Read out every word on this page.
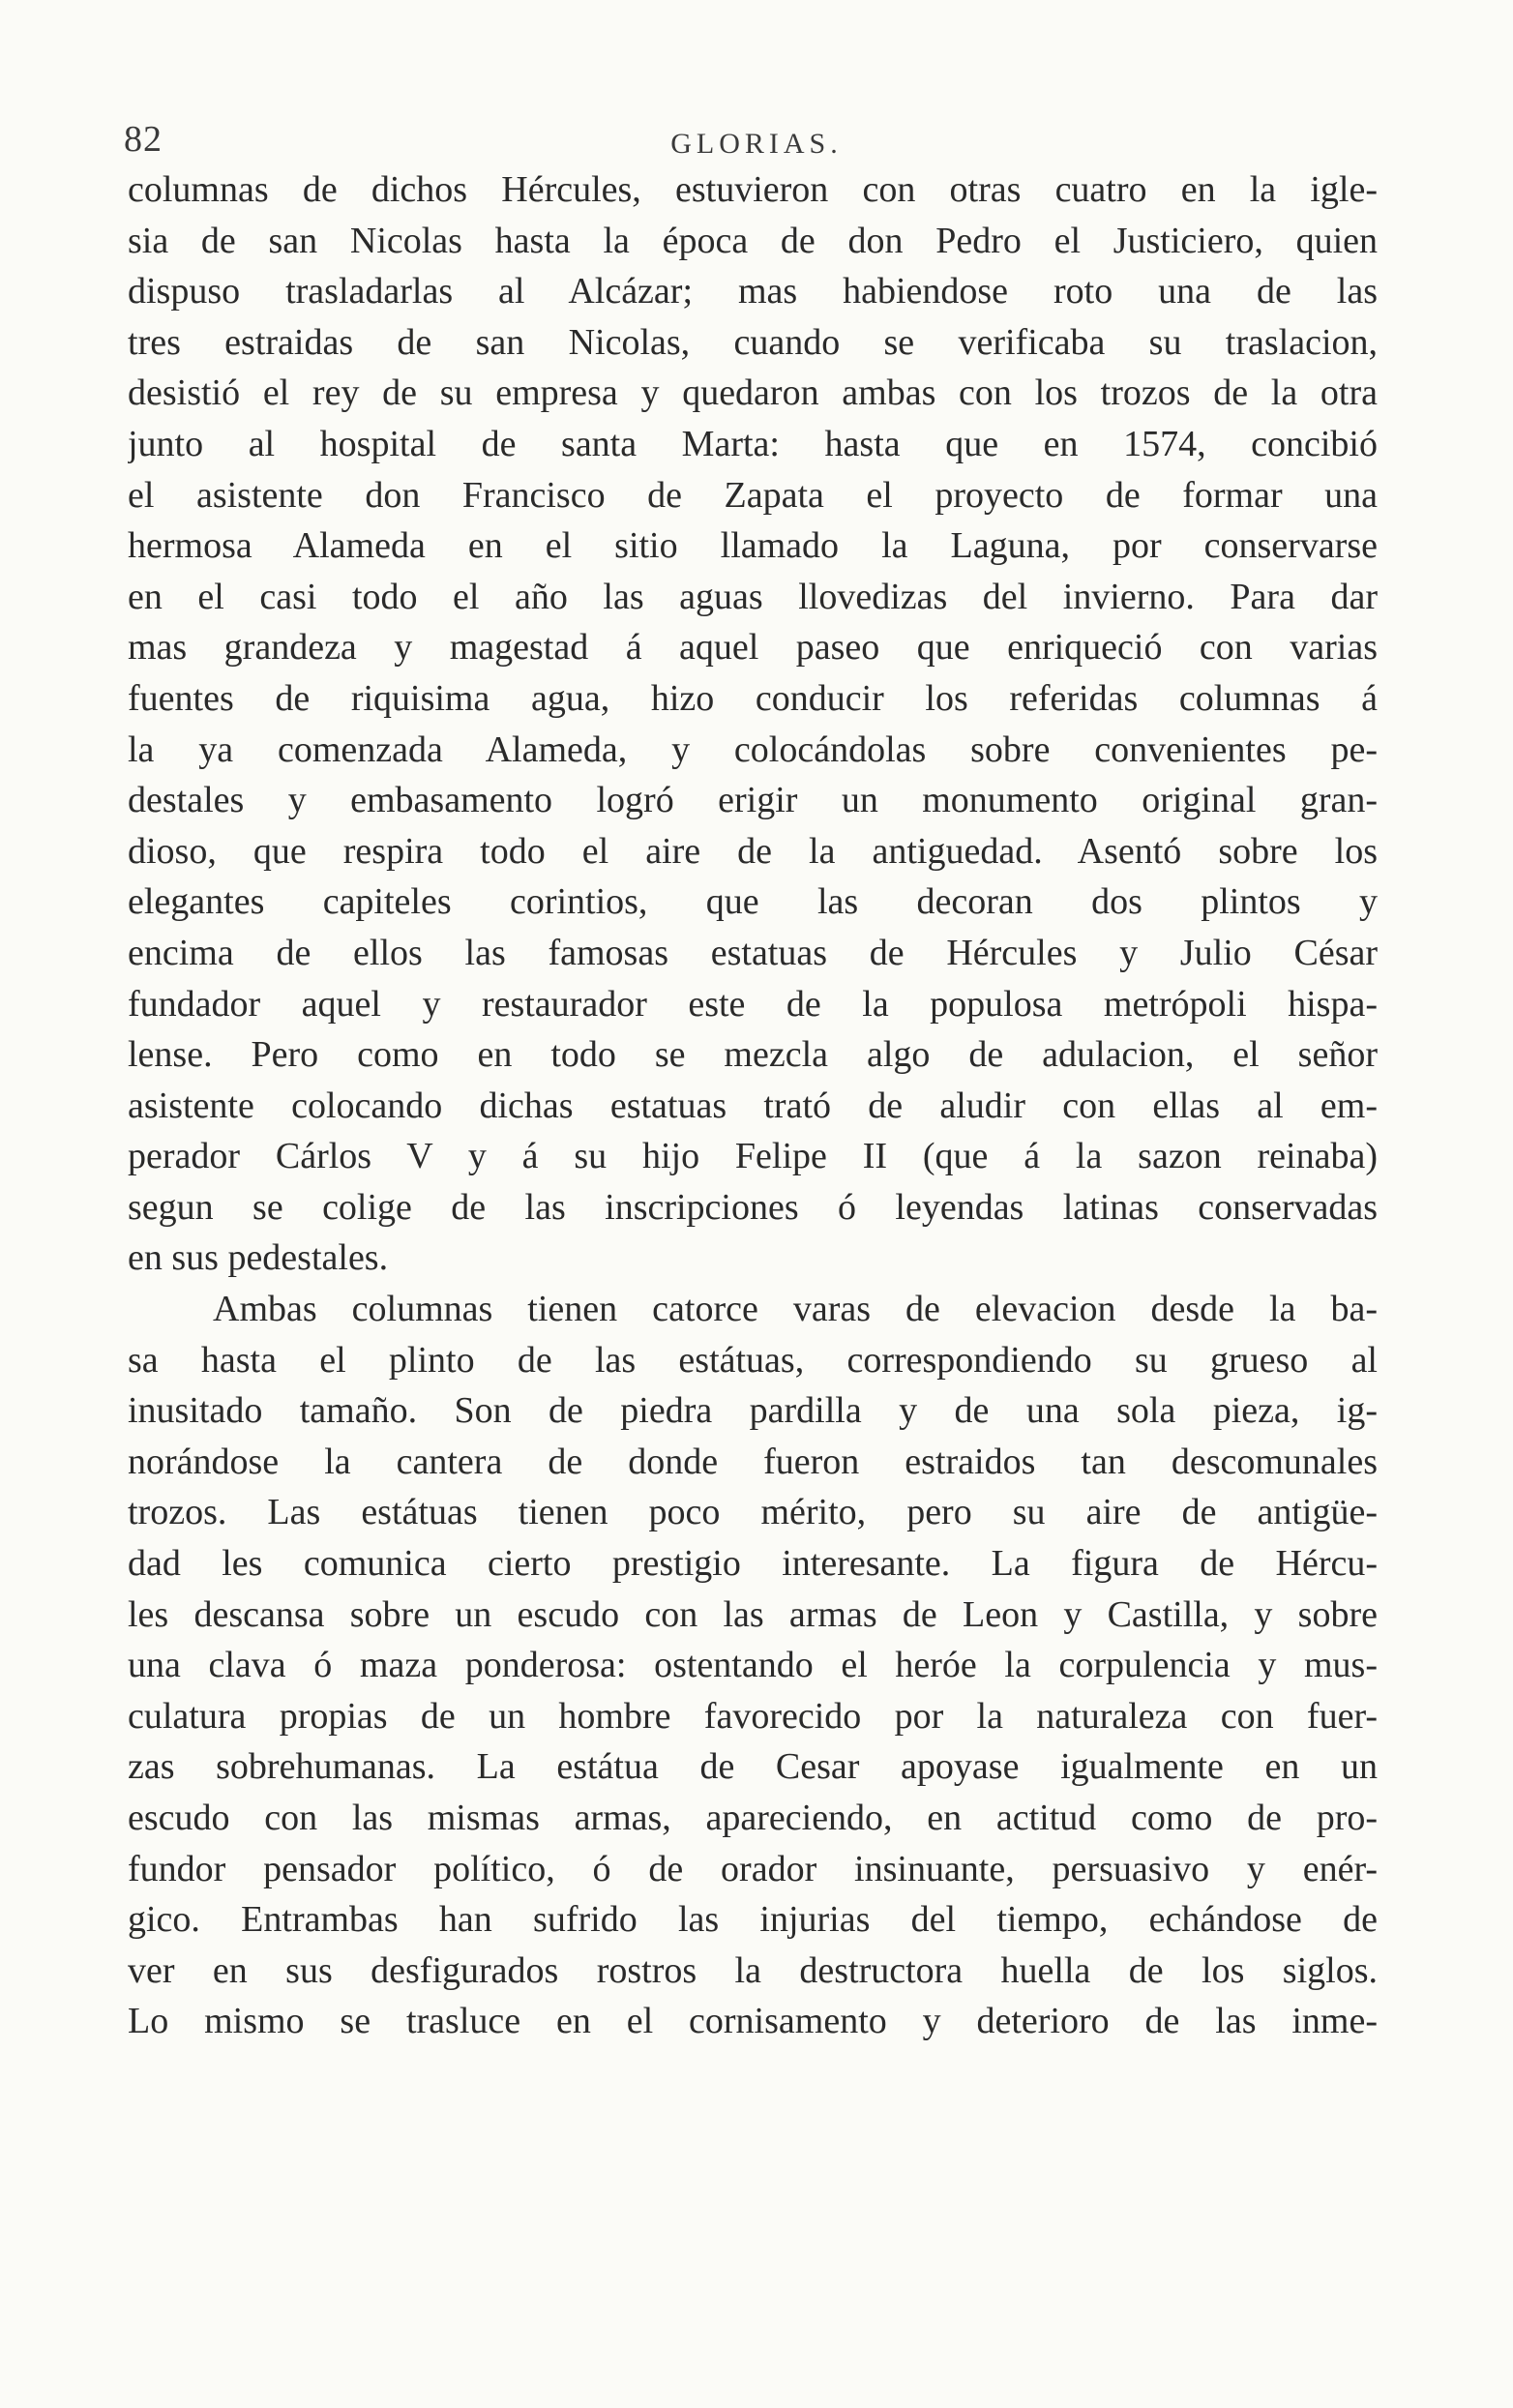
82	GLORIAS.
columnas de dichos Hércules, estuvieron con otras cuatro en la igle-
sia de san Nicolas hasta la época de don Pedro el Justiciero, quien
dispuso trasladarlas al Alcázar; mas habiendose roto una de las
tres estraidas de san Nicolas, cuando se verificaba su traslacion,
desistió el rey de su empresa y quedaron ambas con los trozos de la otra
junto al hospital de santa Marta: hasta que en 1574, concibió
el asistente don Francisco de Zapata el proyecto de formar una
hermosa Alameda en el sitio llamado la Laguna, por conservarse
en el casi todo el año las aguas llovedizas del invierno. Para dar
mas grandeza y magestad á aquel paseo que enriqueció con varias
fuentes de riquisima agua, hizo conducir los referidas columnas á
la ya comenzada Alameda, y colocándolas sobre convenientes pe-
destales y embasamento logró erigir un monumento original gran-
dioso, que respira todo el aire de la antiguedad. Asentó sobre los
elegantes capiteles corintios, que las decoran dos plintos y
encima de ellos las famosas estatuas de Hércules y Julio César
fundador aquel y restaurador este de la populosa metrópoli hispa-
lense. Pero como en todo se mezcla algo de adulacion, el señor
asistente colocando dichas estatuas trató de aludir con ellas al em-
perador Cárlos V y á su hijo Felipe II (que á la sazon reinaba)
segun se colige de las inscripciones ó leyendas latinas conservadas
en sus pedestales.
Ambas columnas tienen catorce varas de elevacion desde la ba-
sa hasta el plinto de las estátuas, correspondiendo su grueso al
inusitado tamaño. Son de piedra pardilla y de una sola pieza, ig-
norándose la cantera de donde fueron estraidos tan descomunales
trozos. Las estátuas tienen poco mérito, pero su aire de antigüe-
dad les comunica cierto prestigio interesante. La figura de Hércu-
les descansa sobre un escudo con las armas de Leon y Castilla, y sobre
una clava ó maza ponderosa: ostentando el heróe la corpulencia y mus-
culatura propias de un hombre favorecido por la naturaleza con fuer-
zas sobrehumanas. La estátua de Cesar apoyase igualmente en un
escudo con las mismas armas, apareciendo, en actitud como de pro-
fundor pensador político, ó de orador insinuante, persuasivo y enér-
gico. Entrambas han sufrido las injurias del tiempo, echándose de
ver en sus desfigurados rostros la destructora huella de los siglos.
Lo mismo se trasluce en el cornisamento y deterioro de las inme-
